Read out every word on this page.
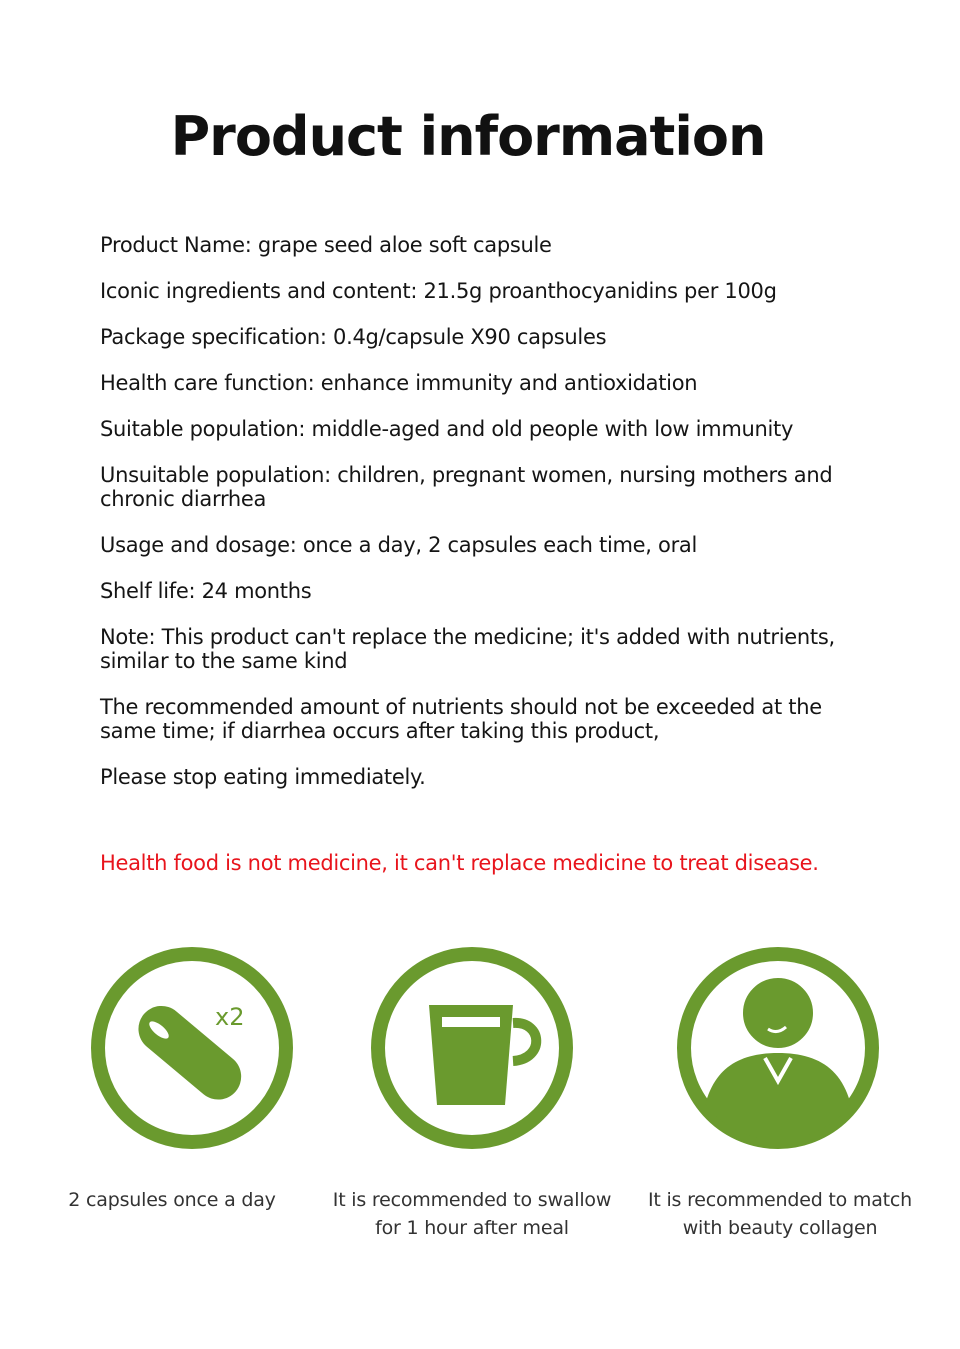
Product information
Product Name: grape seed aloe soft capsule
Iconic ingredients and content: 21.5g proanthocyanidins per 100g
Package specification: 0.4g/capsule X90 capsules
Health care function: enhance immunity and antioxidation
Suitable population: middle-aged and old people with low immunity
Unsuitable population: children, pregnant women, nursing mothers and
chronic diarrhea
Usage and dosage: once a day, 2 capsules each time, oral
Shelf life: 24 months
Note: This product can't replace the medicine; it's added with nutrients,
similar to the same kind
The recommended amount of nutrients should not be exceeded at the
same time; if diarrhea occurs after taking this product,
Please stop eating immediately.
Health food is not medicine, it can't replace medicine to treat disease.
x2
2 capsules once a day	It is recommended to swallow
for 1 hour after meal
It is recommended to match
with beauty collagen
